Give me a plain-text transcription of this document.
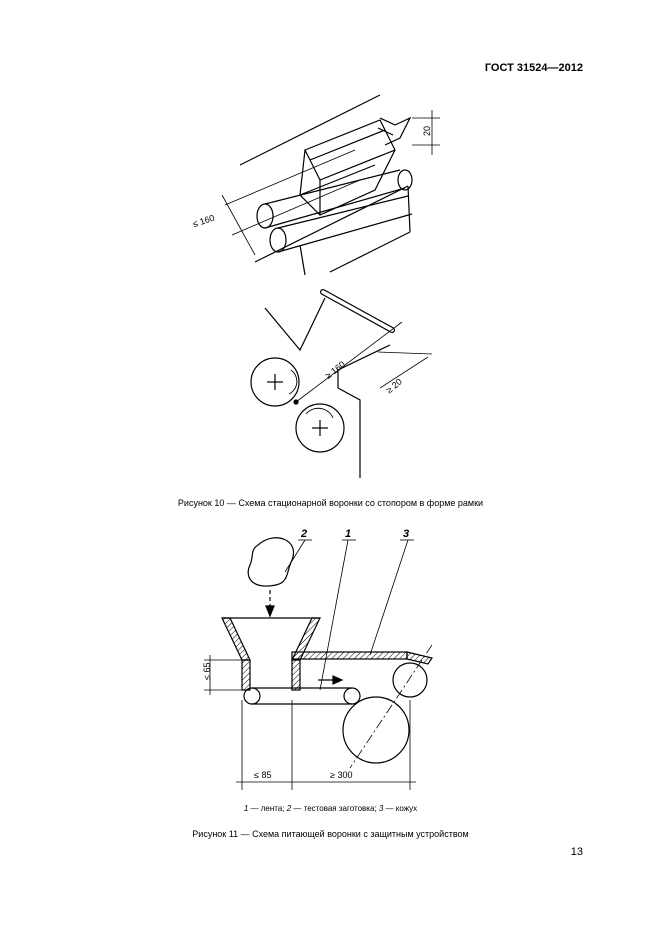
ГОСТ 31524—2012
20
≤ 160
≥ 160
≥ 20
Рисунок 10 — Схема стационарной воронки со стопором в форме рамки
2	1	3
≤ 65
≤ 85	≥ 300
1 — лента; 2 — тестовая заготовка; 3 — кожух
Рисунок 11 — Схема питающей воронки с защитным устройством
13
